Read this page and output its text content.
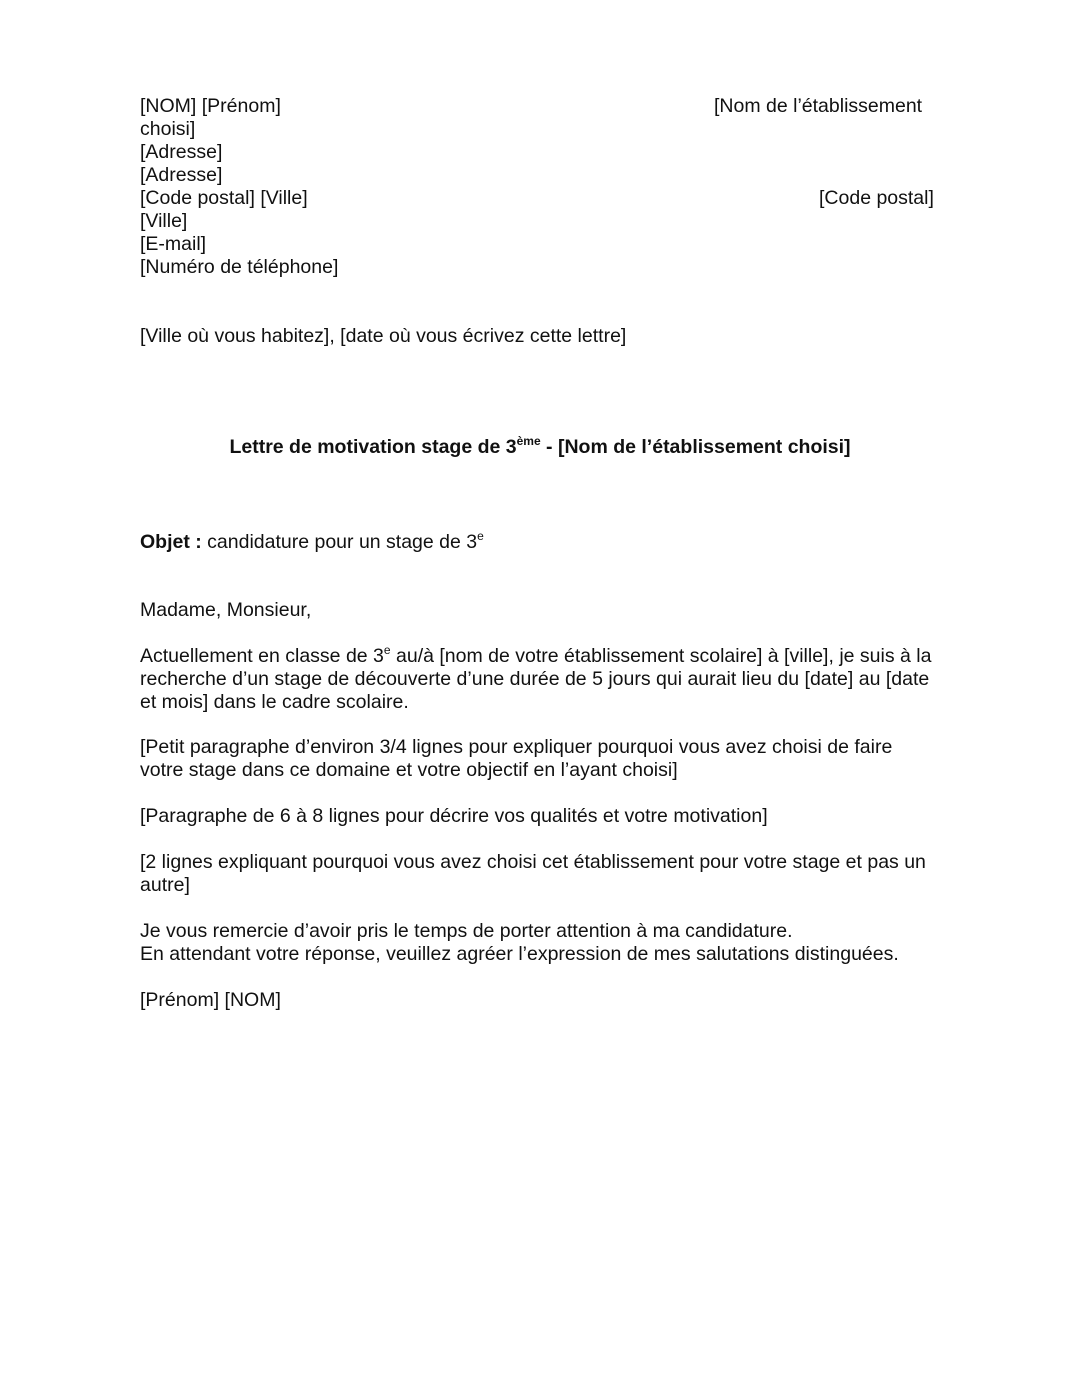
[NOM] [Prénom]
choisi]
[Adresse]
[Adresse]
[Code postal] [Ville]
[Ville]
[E-mail]
[Numéro de téléphone]
[Nom de l’établissement
[Code postal]
[Ville où vous habitez], [date où vous écrivez cette lettre]
Lettre de motivation stage de 3ème - [Nom de l’établissement choisi]
Objet : candidature pour un stage de 3e
Madame, Monsieur,

Actuellement en classe de 3e au/à [nom de votre établissement scolaire] à [ville], je suis à la recherche d’un stage de découverte d’une durée de 5 jours qui aurait lieu du [date] au [date et mois] dans le cadre scolaire.

[Petit paragraphe d’environ 3/4 lignes pour expliquer pourquoi vous avez choisi de faire votre stage dans ce domaine et votre objectif en l’ayant choisi]

[Paragraphe de 6 à 8 lignes pour décrire vos qualités et votre motivation]

[2 lignes expliquant pourquoi vous avez choisi cet établissement pour votre stage et pas un autre]

Je vous remercie d’avoir pris le temps de porter attention à ma candidature.
En attendant votre réponse, veuillez agréer l’expression de mes salutations distinguées.
[Prénom] [NOM]
